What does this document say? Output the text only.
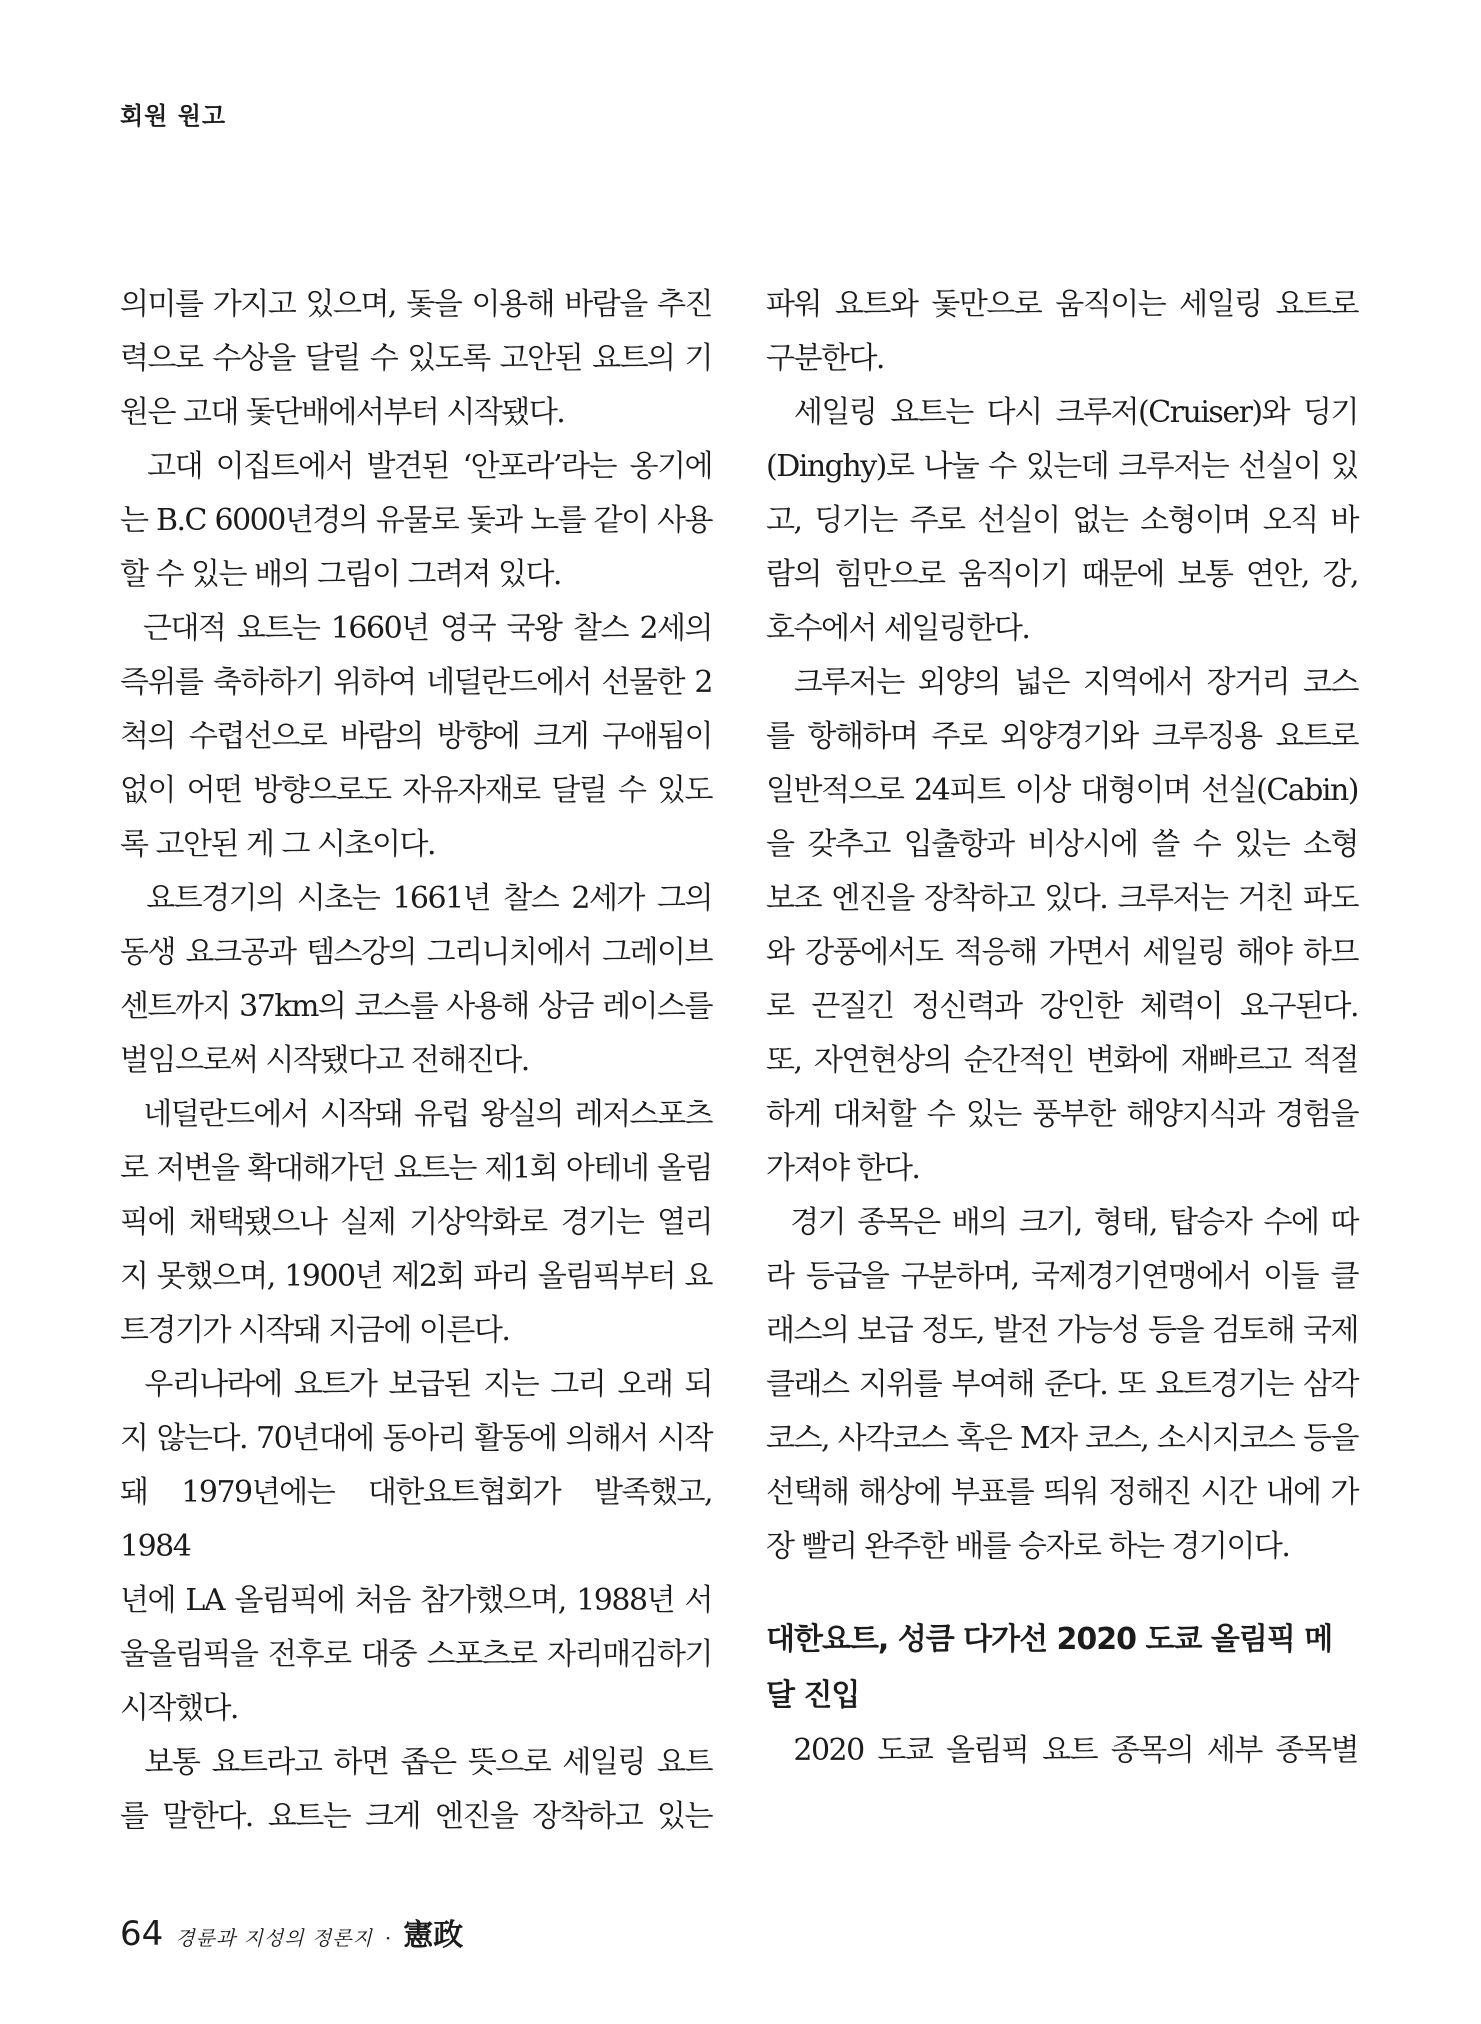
회원 원고

의미를 가지고 있으며, 돛을 이용해 바람을 추진
력으로 수상을 달릴 수 있도록 고안된 요트의 기
원은 고대 돛단배에서부터 시작됐다.

고대 이집트에서 발견된 ‘안포라’라는 옹기에
는 B.C 6000년경의 유물로 돛과 노를 같이 사용
할 수 있는 배의 그림이 그려져 있다.

근대적 요트는 1660년 영국 국왕 찰스 2세의
즉위를 축하하기 위하여 네덜란드에서 선물한 2
척의 수렵선으로 바람의 방향에 크게 구애됨이
없이 어떤 방향으로도 자유자재로 달릴 수 있도
록 고안된 게 그 시초이다.

요트경기의 시초는 1661년 찰스 2세가 그의
동생 요크공과 템스강의 그리니치에서 그레이브
센트까지 37km의 코스를 사용해 상금 레이스를
벌임으로써 시작됐다고 전해진다.

네덜란드에서 시작돼 유럽 왕실의 레저스포츠
로 저변을 확대해가던 요트는 제1회 아테네 올림
픽에 채택됐으나 실제 기상악화로 경기는 열리
지 못했으며, 1900년 제2회 파리 올림픽부터 요
트경기가 시작돼 지금에 이른다.

우리나라에 요트가 보급된 지는 그리 오래 되
지 않는다. 70년대에 동아리 활동에 의해서 시작
돼 1979년에는 대한요트협회가 발족했고, 1984
년에 LA 올림픽에 처음 참가했으며, 1988년 서
울올림픽을 전후로 대중 스포츠로 자리매김하기
시작했다.

보통 요트라고 하면 좁은 뜻으로 세일링 요트
를 말한다. 요트는 크게 엔진을 장착하고 있는

파워 요트와 돛만으로 움직이는 세일링 요트로
구분한다.

세일링 요트는 다시 크루저(Cruiser)와 딩기
(Dinghy)로 나눌 수 있는데 크루저는 선실이 있
고, 딩기는 주로 선실이 없는 소형이며 오직 바
람의 힘만으로 움직이기 때문에 보통 연안, 강,
호수에서 세일링한다.

크루저는 외양의 넓은 지역에서 장거리 코스
를 항해하며 주로 외양경기와 크루징용 요트로
일반적으로 24피트 이상 대형이며 선실(Cabin)
을 갖추고 입출항과 비상시에 쓸 수 있는 소형
보조 엔진을 장착하고 있다. 크루저는 거친 파도
와 강풍에서도 적응해 가면서 세일링 해야 하므
로 끈질긴 정신력과 강인한 체력이 요구된다.
또, 자연현상의 순간적인 변화에 재빠르고 적절
하게 대처할 수 있는 풍부한 해양지식과 경험을
가져야 한다.

경기 종목은 배의 크기, 형태, 탑승자 수에 따
라 등급을 구분하며, 국제경기연맹에서 이들 클
래스의 보급 정도, 발전 가능성 등을 검토해 국제
클래스 지위를 부여해 준다. 또 요트경기는 삼각
코스, 사각코스 혹은 M자 코스, 소시지코스 등을
선택해 해상에 부표를 띄워 정해진 시간 내에 가
장 빨리 완주한 배를 승자로 하는 경기이다.

대한요트, 성큼 다가선 2020 도쿄 올림픽 메달 진입

2020 도쿄 올림픽 요트 종목의 세부 종목별

64 경륜과 지성의 정론지 · 憲政
